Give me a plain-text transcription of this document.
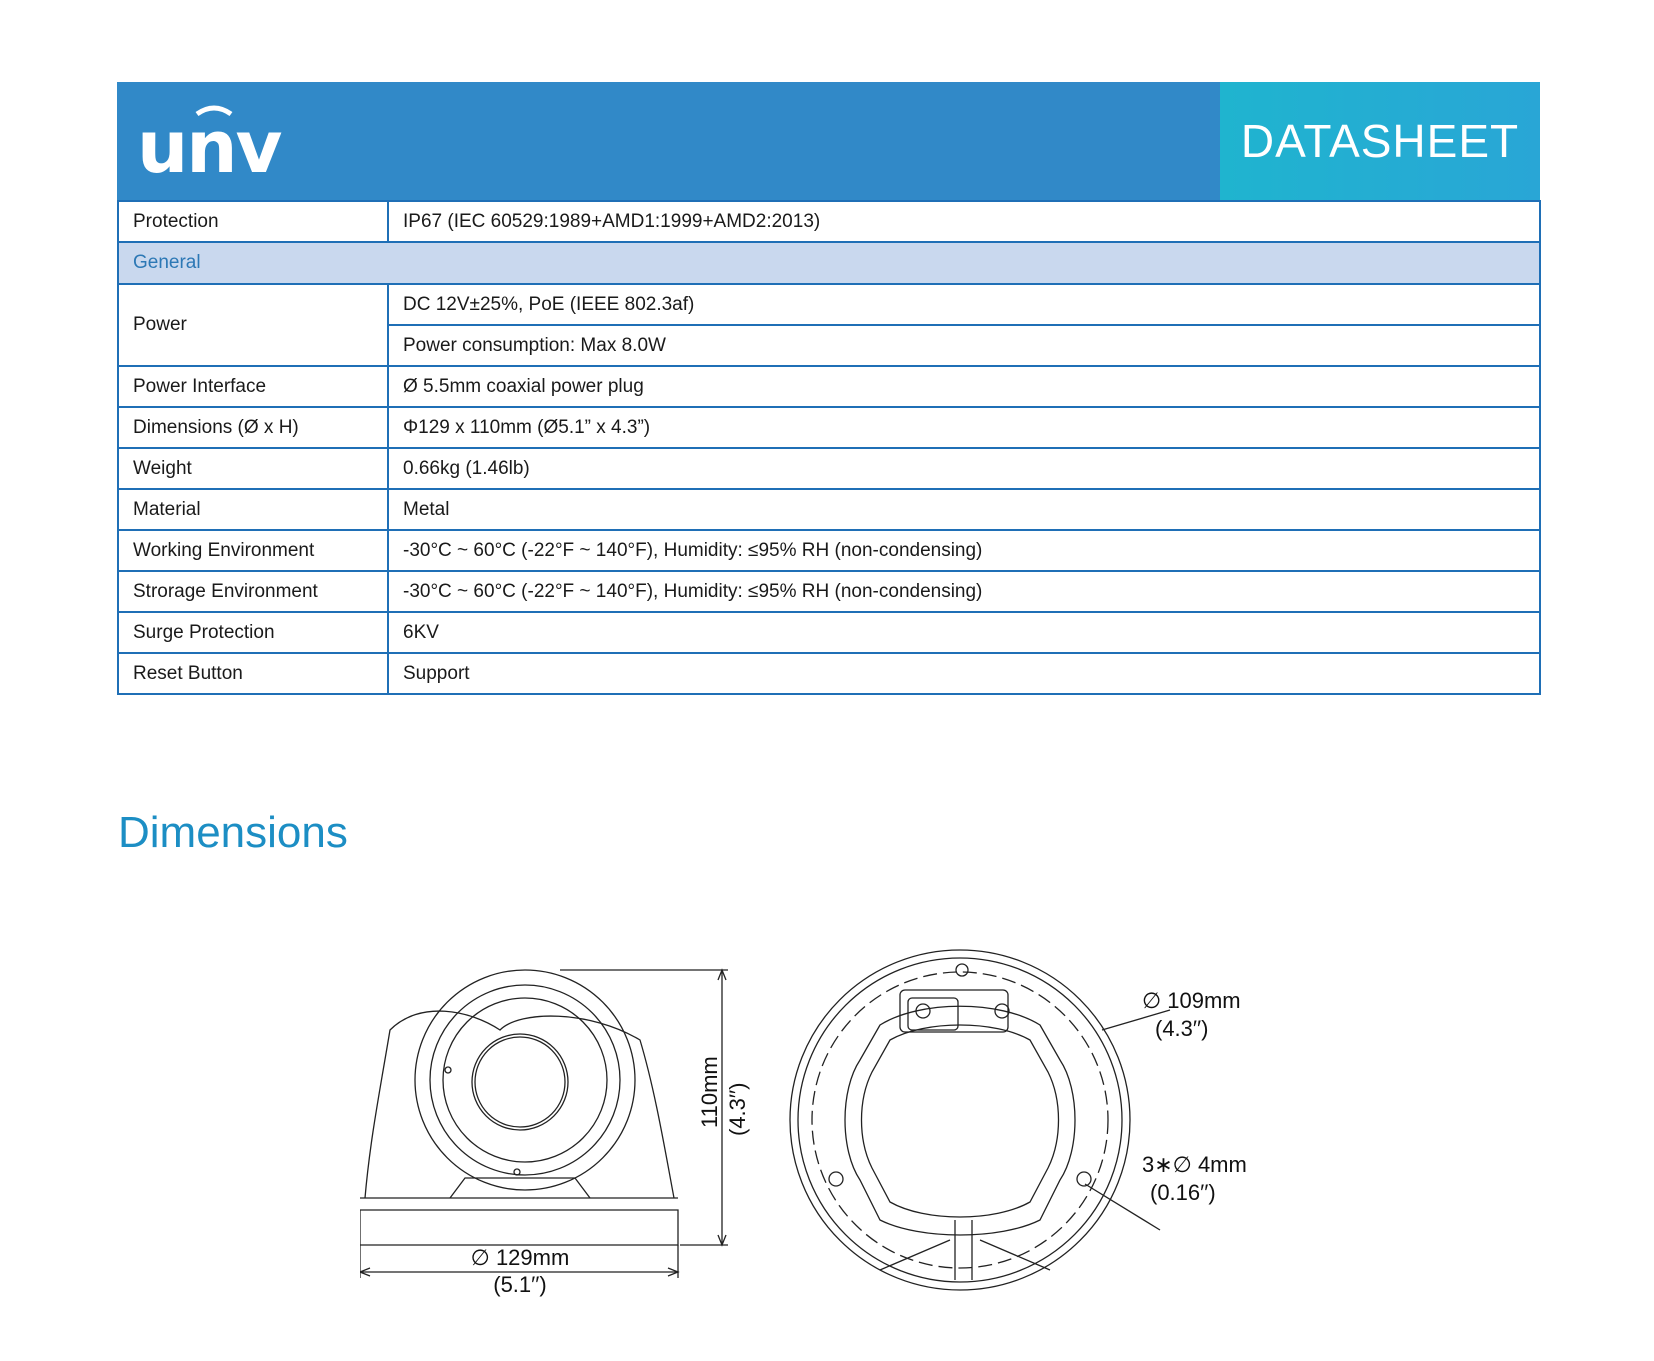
unv	DATASHEET
Protection	IP67 (IEC 60529:1989+AMD1:1999+AMD2:2013)
General	
Power	DC 12V±25%, PoE (IEEE 802.3af)
	Power consumption: Max 8.0W
Power Interface	Ø 5.5mm coaxial power plug
Dimensions (Ø x H)	Φ129 x 110mm (Ø5.1” x 4.3”)
Weight	0.66kg (1.46lb)
Material	Metal
Working Environment	-30°C ~ 60°C (-22°F ~ 140°F), Humidity: ≤95% RH (non-condensing)
Strorage Environment	-30°C ~ 60°C (-22°F ~ 140°F), Humidity: ≤95% RH (non-condensing)
Surge Protection	6KV
Reset Button	Support
Dimensions
110mm (4.3′′)
∅ 129mm
(5.1′′)
∅ 109mm
(4.3′′)
3∗∅ 4mm
(0.16′′)
